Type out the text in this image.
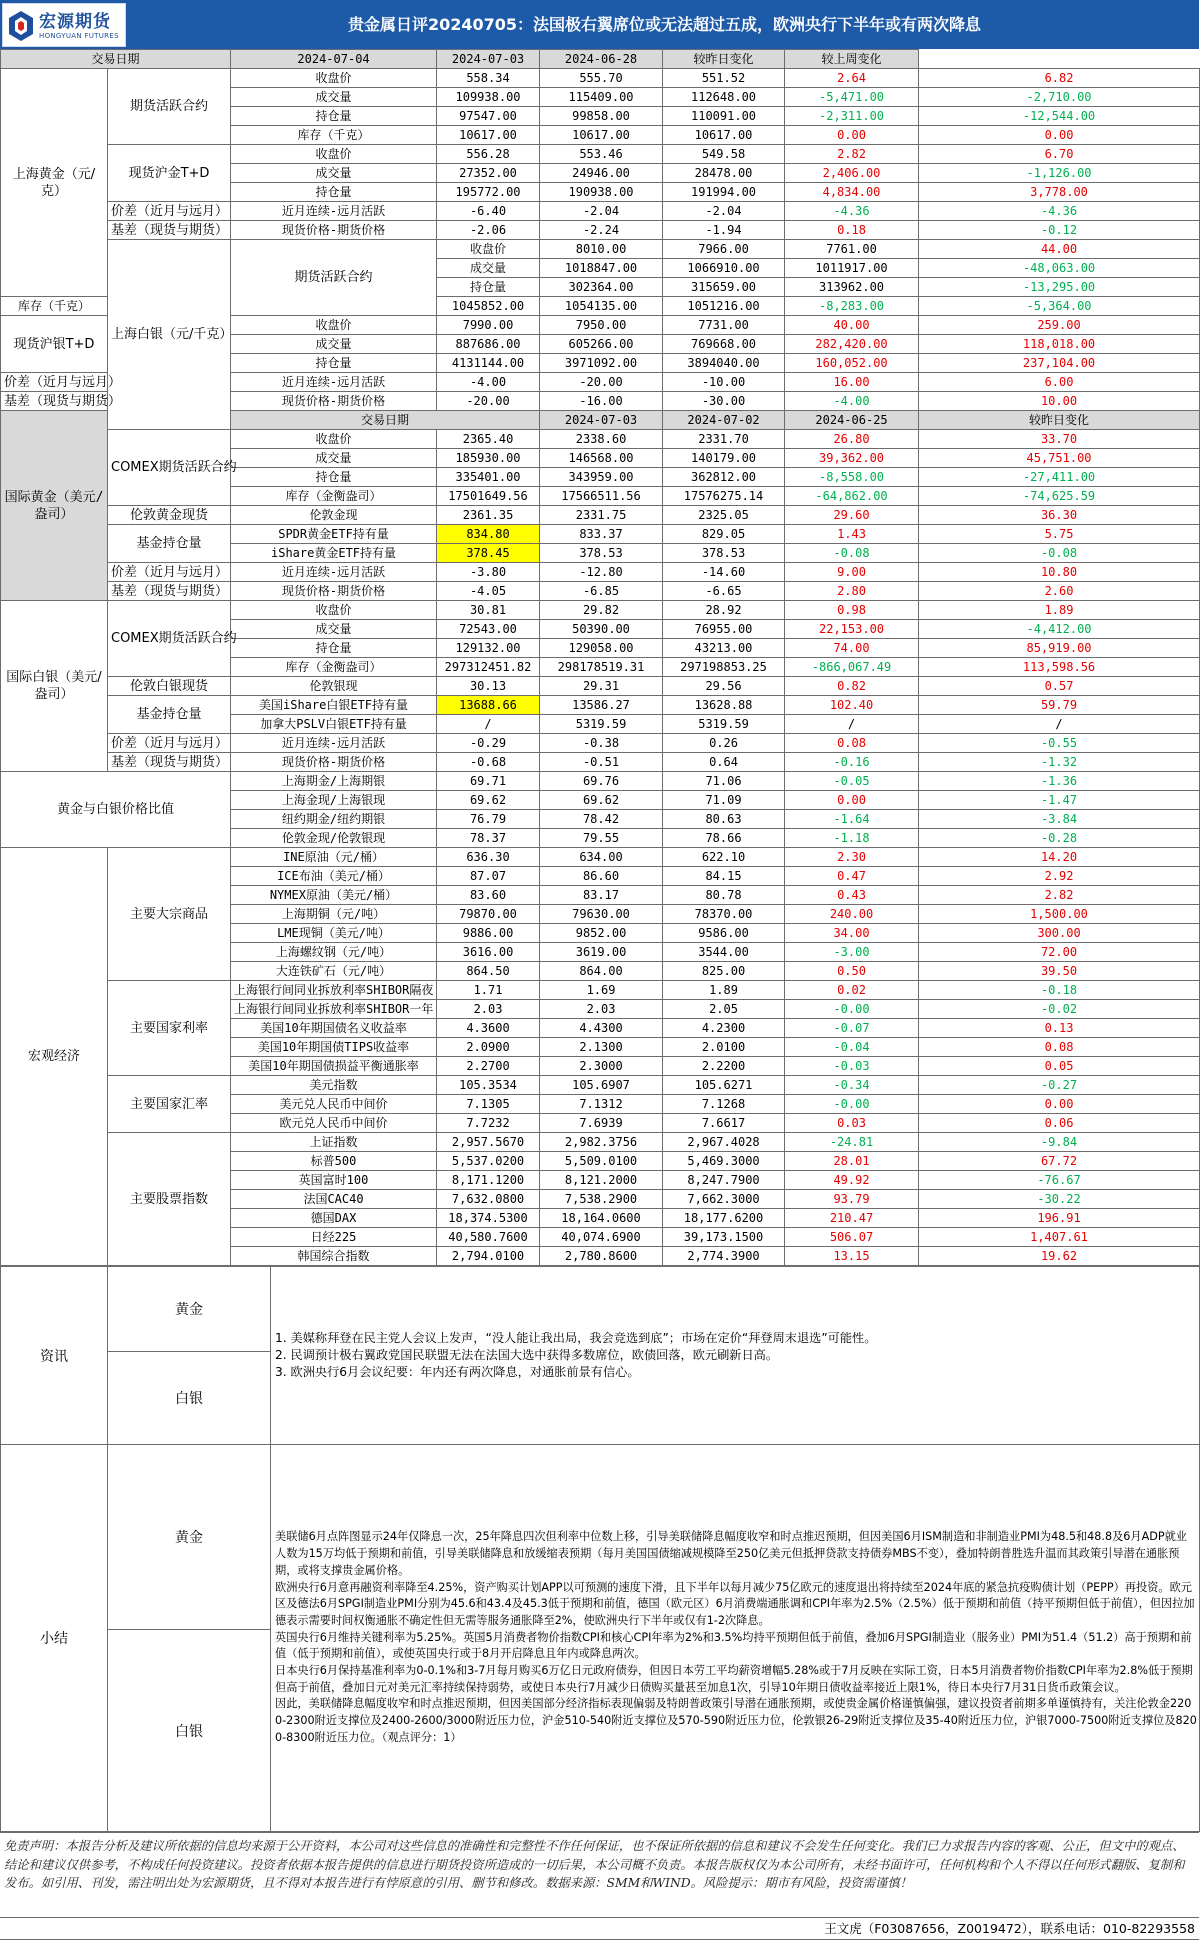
宏源期货
HONGYUAN FUTURES
贵金属日评20240705：法国极右翼席位或无法超过五成，欧洲央行下半年或有两次降息
交易日期		2024-07-04	2024-07-03	2024-06-28	较昨日变化	较上周变化		
上海黄金（元/克）	期货活跃合约	收盘价	558.34	555.70	551.52	2.64	6.82	
		成交量	109938.00	115409.00	112648.00	-5,471.00	-2,710.00	
		持仓量	97547.00	99858.00	110091.00	-2,311.00	-12,544.00	
		库存（千克）	10617.00	10617.00	10617.00	0.00	0.00	
	现货沪金T+D	收盘价	556.28	553.46	549.58	2.82	6.70	
		成交量	27352.00	24946.00	28478.00	2,406.00	-1,126.00	
		持仓量	195772.00	190938.00	191994.00	4,834.00	3,778.00	
	价差（近月与远月）	近月连续-远月活跃	-6.40	-2.04	-2.04	-4.36	-4.36	
	基差（现货与期货）	现货价格-期货价格	-2.06	-2.24	-1.94	0.18	-0.12	
	上海白银（元/千克）	期货活跃合约	收盘价	8010.00	7966.00	7761.00	44.00	
			成交量	1018847.00	1066910.00	1011917.00	-48,063.00	
			持仓量	302364.00	315659.00	313962.00	-13,295.00	
库存（千克）			1045852.00	1054135.00	1051216.00	-8,283.00	-5,364.00	
现货沪银T+D		收盘价	7990.00	7950.00	7731.00	40.00	259.00	
		成交量	887686.00	605266.00	769668.00	282,420.00	118,018.00	
		持仓量	4131144.00	3971092.00	3894040.00	160,052.00	237,104.00	
价差（近月与远月）		近月连续-远月活跃	-4.00	-20.00	-10.00	16.00	6.00	
基差（现货与期货）		现货价格-期货价格	-20.00	-16.00	-30.00	-4.00	10.00	
国际黄金（美元/盎司）		交易日期		2024-07-03	2024-07-02	2024-06-25	较昨日变化	
	COMEX期货活跃合约	收盘价	2365.40	2338.60	2331.70	26.80	33.70	
		成交量	185930.00	146568.00	140179.00	39,362.00	45,751.00	
		持仓量	335401.00	343959.00	362812.00	-8,558.00	-27,411.00	
		库存（金衡盎司）	17501649.56	17566511.56	17576275.14	-64,862.00	-74,625.59	
	伦敦黄金现货	伦敦金现	2361.35	2331.75	2325.05	29.60	36.30	
	基金持仓量	SPDR黄金ETF持有量	834.80	833.37	829.05	1.43	5.75	
		iShare黄金ETF持有量	378.45	378.53	378.53	-0.08	-0.08	
	价差（近月与远月）	近月连续-远月活跃	-3.80	-12.80	-14.60	9.00	10.80	
	基差（现货与期货）	现货价格-期货价格	-4.05	-6.85	-6.65	2.80	2.60	
国际白银（美元/盎司）	COMEX期货活跃合约	收盘价	30.81	29.82	28.92	0.98	1.89	
		成交量	72543.00	50390.00	76955.00	22,153.00	-4,412.00	
		持仓量	129132.00	129058.00	43213.00	74.00	85,919.00	
		库存（金衡盎司）	297312451.82	298178519.31	297198853.25	-866,067.49	113,598.56	
	伦敦白银现货	伦敦银现	30.13	29.31	29.56	0.82	0.57	
	基金持仓量	美国iShare白银ETF持有量	13688.66	13586.27	13628.88	102.40	59.79	
		加拿大PSLV白银ETF持有量	/	5319.59	5319.59	/	/	
	价差（近月与远月）	近月连续-远月活跃	-0.29	-0.38	0.26	0.08	-0.55	
	基差（现货与期货）	现货价格-期货价格	-0.68	-0.51	0.64	-0.16	-1.32	
黄金与白银价格比值		上海期金/上海期银	69.71	69.76	71.06	-0.05	-1.36	
		上海金现/上海银现	69.62	69.62	71.09	0.00	-1.47	
		纽约期金/纽约期银	76.79	78.42	80.63	-1.64	-3.84	
		伦敦金现/伦敦银现	78.37	79.55	78.66	-1.18	-0.28	
宏观经济	主要大宗商品	INE原油（元/桶）	636.30	634.00	622.10	2.30	14.20	
		ICE布油（美元/桶）	87.07	86.60	84.15	0.47	2.92	
		NYMEX原油（美元/桶）	83.60	83.17	80.78	0.43	2.82	
		上海期铜（元/吨）	79870.00	79630.00	78370.00	240.00	1,500.00	
		LME现铜（美元/吨）	9886.00	9852.00	9586.00	34.00	300.00	
		上海螺纹钢（元/吨）	3616.00	3619.00	3544.00	-3.00	72.00	
		大连铁矿石（元/吨）	864.50	864.00	825.00	0.50	39.50	
	主要国家利率	上海银行间同业拆放利率SHIBOR隔夜	1.71	1.69	1.89	0.02	-0.18	
		上海银行间同业拆放利率SHIBOR一年	2.03	2.03	2.05	-0.00	-0.02	
		美国10年期国债名义收益率	4.3600	4.4300	4.2300	-0.07	0.13	
		美国10年期国债TIPS收益率	2.0900	2.1300	2.0100	-0.04	0.08	
		美国10年期国债损益平衡通胀率	2.2700	2.3000	2.2200	-0.03	0.05	
	主要国家汇率	美元指数	105.3534	105.6907	105.6271	-0.34	-0.27	
		美元兑人民币中间价	7.1305	7.1312	7.1268	-0.00	0.00	
		欧元兑人民币中间价	7.7232	7.6939	7.6617	0.03	0.06	
	主要股票指数	上证指数	2,957.5670	2,982.3756	2,967.4028	-24.81	-9.84	
		标普500	5,537.0200	5,509.0100	5,469.3000	28.01	67.72	
		英国富时100	8,171.1200	8,121.2000	8,247.7900	49.92	-76.67	
		法国CAC40	7,632.0800	7,538.2900	7,662.3000	93.79	-30.22	
		德国DAX	18,374.5300	18,164.0600	18,177.6200	210.47	196.91	
		日经225	40,580.7600	40,074.6900	39,173.1500	506.07	1,407.61	
		韩国综合指数	2,794.0100	2,780.8600	2,774.3900	13.15	19.62	
资讯	黄金	1. 美媒称拜登在民主党人会议上发声，“没人能让我出局，我会竞选到底”；市场在定价“拜登周末退选”可能性。
2. 民调预计极右翼政党国民联盟无法在法国大选中获得多数席位，欧债回落，欧元刷新日高。
3. 欧洲央行6月会议纪要：年内还有两次降息，对通胀前景有信心。

	白银	
小结	黄金	美联储6月点阵图显示24年仅降息一次，25年降息四次但利率中位数上移，引导美联储降息幅度收窄和时点推迟预期，但因美国6月ISM制造和非制造业PMI为48.5和48.8及6月ADP就业人数为15万均低于预期和前值，引导美联储降息和放缓缩表预期（每月美国国债缩减规模降至250亿美元但抵押贷款支持债券MBS不变），叠加特朗普胜选升温而其政策引导潜在通胀预期，或将支撑贵金属价格。
欧洲央行6月意再融资利率降至4.25%，资产购买计划APP以可预测的速度下滑，且下半年以每月减少75亿欧元的速度退出将持续至2024年底的紧急抗疫购债计划（PEPP）再投资。欧元区及德法6月SPGI制造业PMI分别为45.6和43.4及45.3低于预期和前值，德国（欧元区）6月消费端通胀调和CPI年率为2.5%（2.5%）低于预期和前值（持平预期但低于前值），但因拉加德表示需要时间权衡通胀不确定性但无需等服务通胀降至2%，使欧洲央行下半年或仅有1-2次降息。
英国央行6月维持关键利率为5.25%。英国5月消费者物价指数CPI和核心CPI年率为2%和3.5%均持平预期但低于前值，叠加6月SPGI制造业（服务业）PMI为51.4（51.2）高于预期和前值（低于预期和前值），或使英国央行或于8月开启降息且年内或降息两次。
日本央行6月保持基准利率为0-0.1%和3-7月每月购买6万亿日元政府债券，但因日本劳工平均薪资增幅5.28%或于7月反映在实际工资，日本5月消费者物价指数CPI年率为2.8%低于预期但高于前值，叠加日元对美元汇率持续保持弱势，或使日本央行7月减少日债购买量甚至加息1次，引导10年期日债收益率接近上限1%，待日本央行7月31日货币政策会议。
因此，美联储降息幅度收窄和时点推迟预期，但因美国部分经济指标表现偏弱及特朗普政策引导潜在通胀预期，或使贵金属价格谨慎偏强，建议投资者前期多单谨慎持有，关注伦敦金2200-2300附近支撑位及2400-2600/3000附近压力位，沪金510-540附近支撑位及570-590附近压力位，伦敦银26-29附近支撑位及35-40附近压力位，沪银7000-7500附近支撑位及8200-8300附近压力位。（观点评分：1）

	白银	
免责声明：本报告分析及建议所依据的信息均来源于公开资料，本公司对这些信息的准确性和完整性不作任何保证，也不保证所依据的信息和建议不会发生任何变化。我们已力求报告内容的客观、公正，但文中的观点、结论和建议仅供参考，不构成任何投资建议。投资者依据本报告提供的信息进行期货投资所造成的一切后果，本公司概不负责。本报告版权仅为本公司所有，未经书面许可，任何机构和个人不得以任何形式翻版、复制和发布。如引用、刊发，需注明出处为宏源期货，且不得对本报告进行有悖原意的引用、删节和修改。数据来源：SMM和WIND。风险提示：期市有风险，投资需谨慎！
王文虎（F03087656，Z0019472），联系电话：010-82293558
